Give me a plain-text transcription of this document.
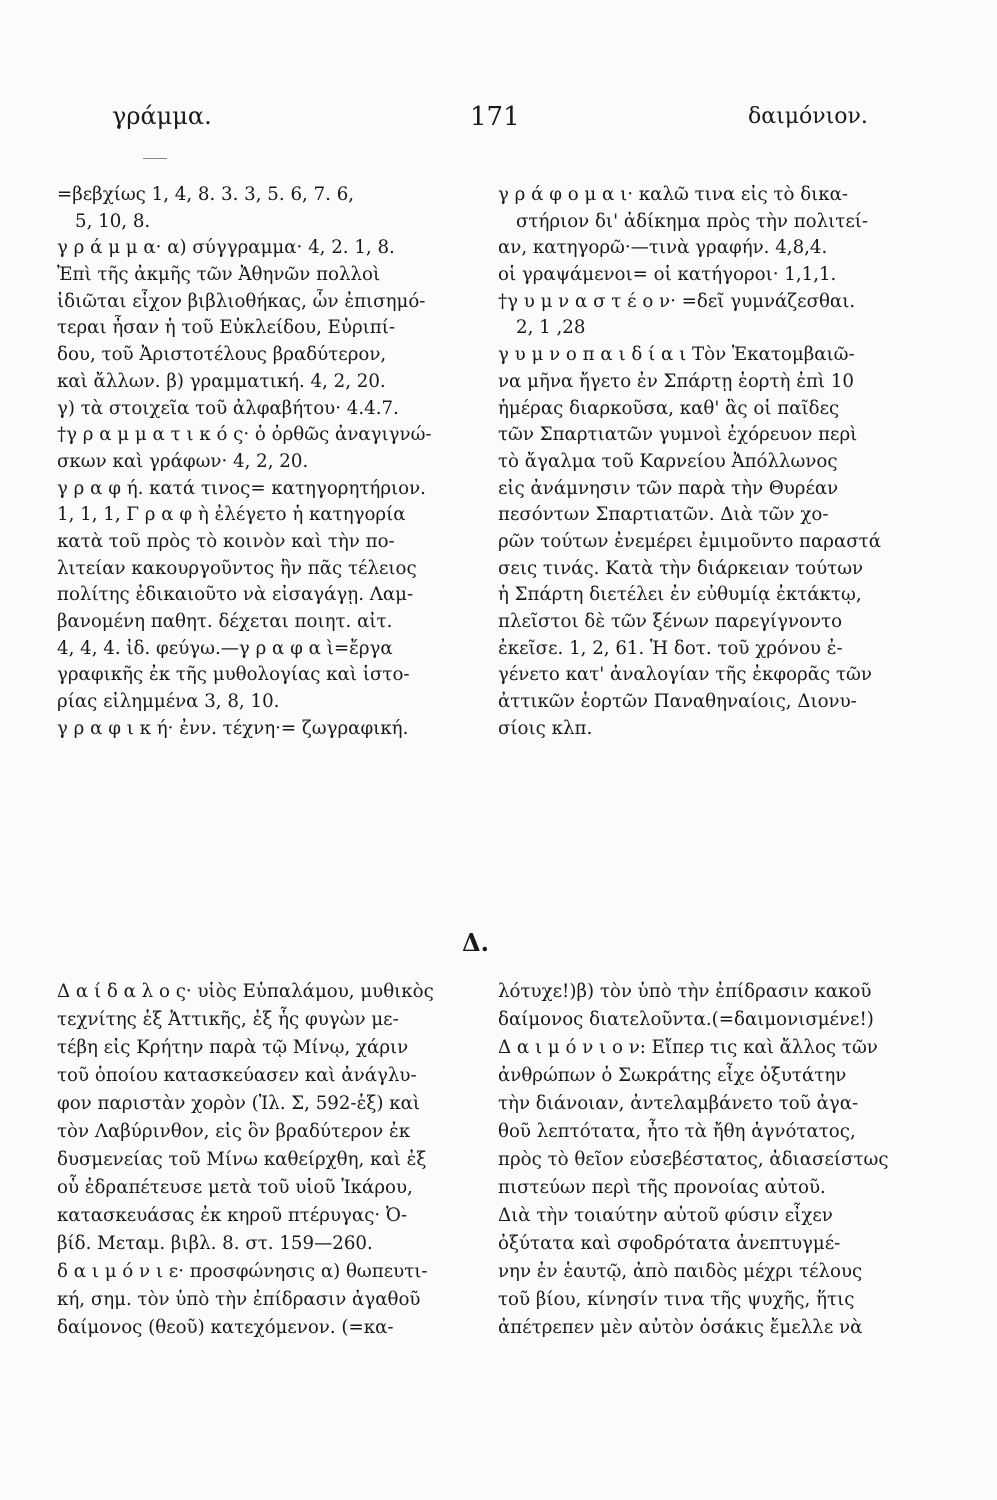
γράμμα.	171	δαιμόνιον.
=βεβχίως 1, 4, 8. 3. 3, 5. 6, 7. 6,
5, 10, 8.
γ ρ ά μ μ α· α) σύγγραμμα· 4, 2. 1, 8.
Ἐπὶ τῆς ἀκμῆς τῶν Ἀθηνῶν πολλοὶ
ἰδιῶται εἶχον βιβλιοθήκας, ὧν ἐπισημό-
τεραι ἦσαν ἡ τοῦ Εὐκλείδου, Εὐριπί-
δου, τοῦ Ἀριστοτέλους βραδύτερον,
καὶ ἄλλων. β) γραμματική. 4, 2, 20.
γ) τὰ στοιχεῖα τοῦ ἀλφαβήτου· 4.4.7.
†γ ρ α μ μ α τ ι κ ό ς· ὁ ὀρθῶς ἀναγιγνώ-
σκων καὶ γράφων· 4, 2, 20.
γ ρ α φ ή. κατά τινος= κατηγορητήριον.
1, 1, 1, Γ ρ α φ ὴ ἐλέγετο ἡ κατηγορία
κατὰ τοῦ πρὸς τὸ κοινὸν καὶ τὴν πο-
λιτείαν κακουργοῦντος ἣν πᾶς τέλειος
πολίτης ἐδικαιοῦτο νὰ εἰσαγάγῃ. Λαμ-
βανομένη παθητ. δέχεται ποιητ. αἰτ.
4, 4, 4. ἰδ. φεύγω.—γ ρ α φ α ὶ=ἔργα
γραφικῆς ἐκ τῆς μυθολογίας καὶ ἱστο-
ρίας εἰλημμένα 3, 8, 10.
γ ρ α φ ι κ ή· ἐνν. τέχνη·= ζωγραφική.
γ ρ ά φ ο μ α ι· καλῶ τινα εἰς τὸ δικα-
στήριον δι' ἀδίκημα πρὸς τὴν πολιτεί-
αν, κατηγορῶ·—τινὰ γραφήν. 4,8,4.
οἱ γραψάμενοι= οἱ κατήγοροι· 1,1,1.
†γ υ μ ν α σ τ έ ο ν· =δεῖ γυμνάζεσθαι.
2, 1 ,28
γ υ μ ν ο π α ι δ ί α ι Τὸν Ἑκατομβαιῶ-
να μῆνα ἤγετο ἐν Σπάρτῃ ἑορτὴ ἐπὶ 10
ἡμέρας διαρκοῦσα, καθ' ἃς οἱ παῖδες
τῶν Σπαρτιατῶν γυμνοὶ ἐχόρευον περὶ
τὸ ἄγαλμα τοῦ Καρνείου Ἀπόλλωνος
εἰς ἀνάμνησιν τῶν παρὰ τὴν Θυρέαν
πεσόντων Σπαρτιατῶν. Διὰ τῶν χο-
ρῶν τούτων ἐνεμέρει ἐμιμοῦντο παραστά
σεις τινάς. Κατὰ τὴν διάρκειαν τούτων
ἡ Σπάρτη διετέλει ἐν εὐθυμίᾳ ἐκτάκτῳ,
πλεῖστοι δὲ τῶν ξένων παρεγίγνοντο
ἐκεῖσε. 1, 2, 61. Ἡ δοτ. τοῦ χρόνου ἐ-
γένετο κατ' ἀναλογίαν τῆς ἐκφορᾶς τῶν
ἀττικῶν ἑορτῶν Παναθηναίοις, Διονυ-
σίοις κλπ.
Δ.
Δ α ί δ α λ ο ς· υἱὸς Εὐπαλάμου, μυθικὸς
τεχνίτης ἐξ Ἀττικῆς, ἐξ ἧς φυγὼν με-
τέβη εἰς Κρήτην παρὰ τῷ Μίνῳ, χάριν
τοῦ ὁποίου κατασκεύασεν καὶ ἀνάγλυ-
φον παριστὰν χορὸν (Ἰλ. Σ, 592-ἑξ) καὶ
τὸν Λαβύρινθον, εἰς ὃν βραδύτερον ἐκ
δυσμενείας τοῦ Μίνω καθείρχθη, καὶ ἐξ
οὗ ἐδραπέτευσε μετὰ τοῦ υἱοῦ Ἰκάρου,
κατασκευάσας ἐκ κηροῦ πτέρυγας· Ὀ-
βίδ. Μεταμ. βιβλ. 8. στ. 159—260.
δ α ι μ ό ν ι ε· προσφώνησις α) θωπευτι-
κή, σημ. τὸν ὑπὸ τὴν ἐπίδρασιν ἀγαθοῦ
δαίμονος (θεοῦ) κατεχόμενον. (=κα-
λότυχε!)β) τὸν ὑπὸ τὴν ἐπίδρασιν κακοῦ
δαίμονος διατελοῦντα.(=δαιμονισμένε!)
Δ α ι μ ό ν ι ο ν: Εἴπερ τις καὶ ἄλλος τῶν
ἀνθρώπων ὁ Σωκράτης εἶχε ὀξυτάτην
τὴν διάνοιαν, ἀντελαμβάνετο τοῦ ἀγα-
θοῦ λεπτότατα, ἦτο τὰ ἤθη ἁγνότατος,
πρὸς τὸ θεῖον εὐσεβέστατος, ἀδιασείστως
πιστεύων περὶ τῆς προνοίας αὐτοῦ.
Διὰ τὴν τοιαύτην αὐτοῦ φύσιν εἶχεν
ὀξύτατα καὶ σφοδρότατα ἀνεπτυγμέ-
νην ἐν ἑαυτῷ, ἀπὸ παιδὸς μέχρι τέλους
τοῦ βίου, κίνησίν τινα τῆς ψυχῆς, ἥτις
ἀπέτρεπεν μὲν αὐτὸν ὁσάκις ἔμελλε νὰ
